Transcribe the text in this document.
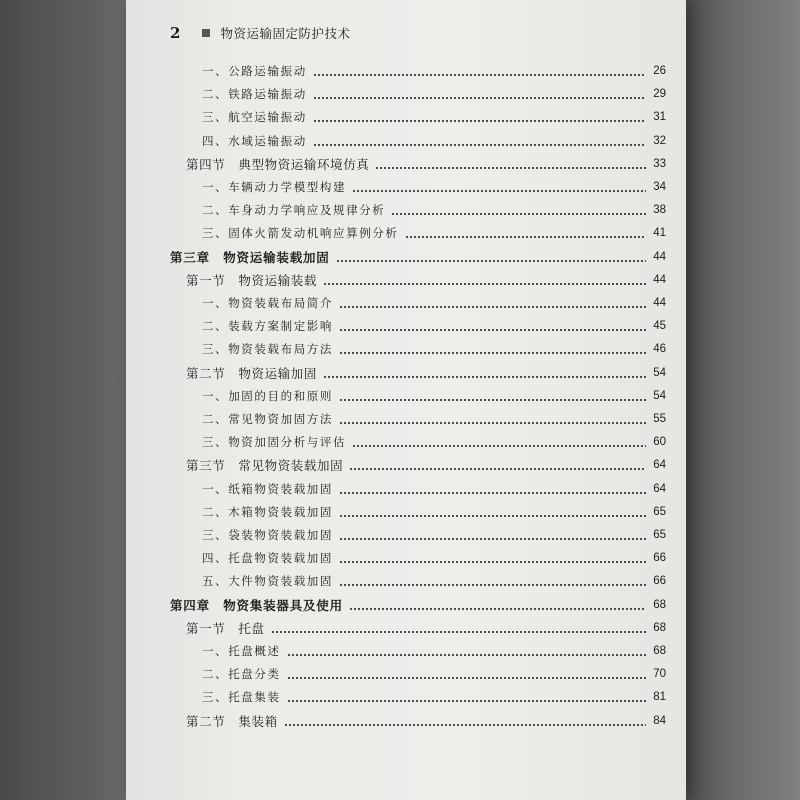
2	物资运输固定防护技术
一、公路运输振动	26
二、铁路运输振动	29
三、航空运输振动	31
四、水域运输振动	32
第四节　典型物资运输环境仿真	33
一、车辆动力学模型构建	34
二、车身动力学响应及规律分析	38
三、固体火箭发动机响应算例分析	41
第三章　物资运输装载加固	44
第一节　物资运输装载	44
一、物资装载布局简介	44
二、装载方案制定影响	45
三、物资装载布局方法	46
第二节　物资运输加固	54
一、加固的目的和原则	54
二、常见物资加固方法	55
三、物资加固分析与评估	60
第三节　常见物资装载加固	64
一、纸箱物资装载加固	64
二、木箱物资装载加固	65
三、袋装物资装载加固	65
四、托盘物资装载加固	66
五、大件物资装载加固	66
第四章　物资集装器具及使用	68
第一节　托盘	68
一、托盘概述	68
二、托盘分类	70
三、托盘集装	81
第二节　集装箱	84
